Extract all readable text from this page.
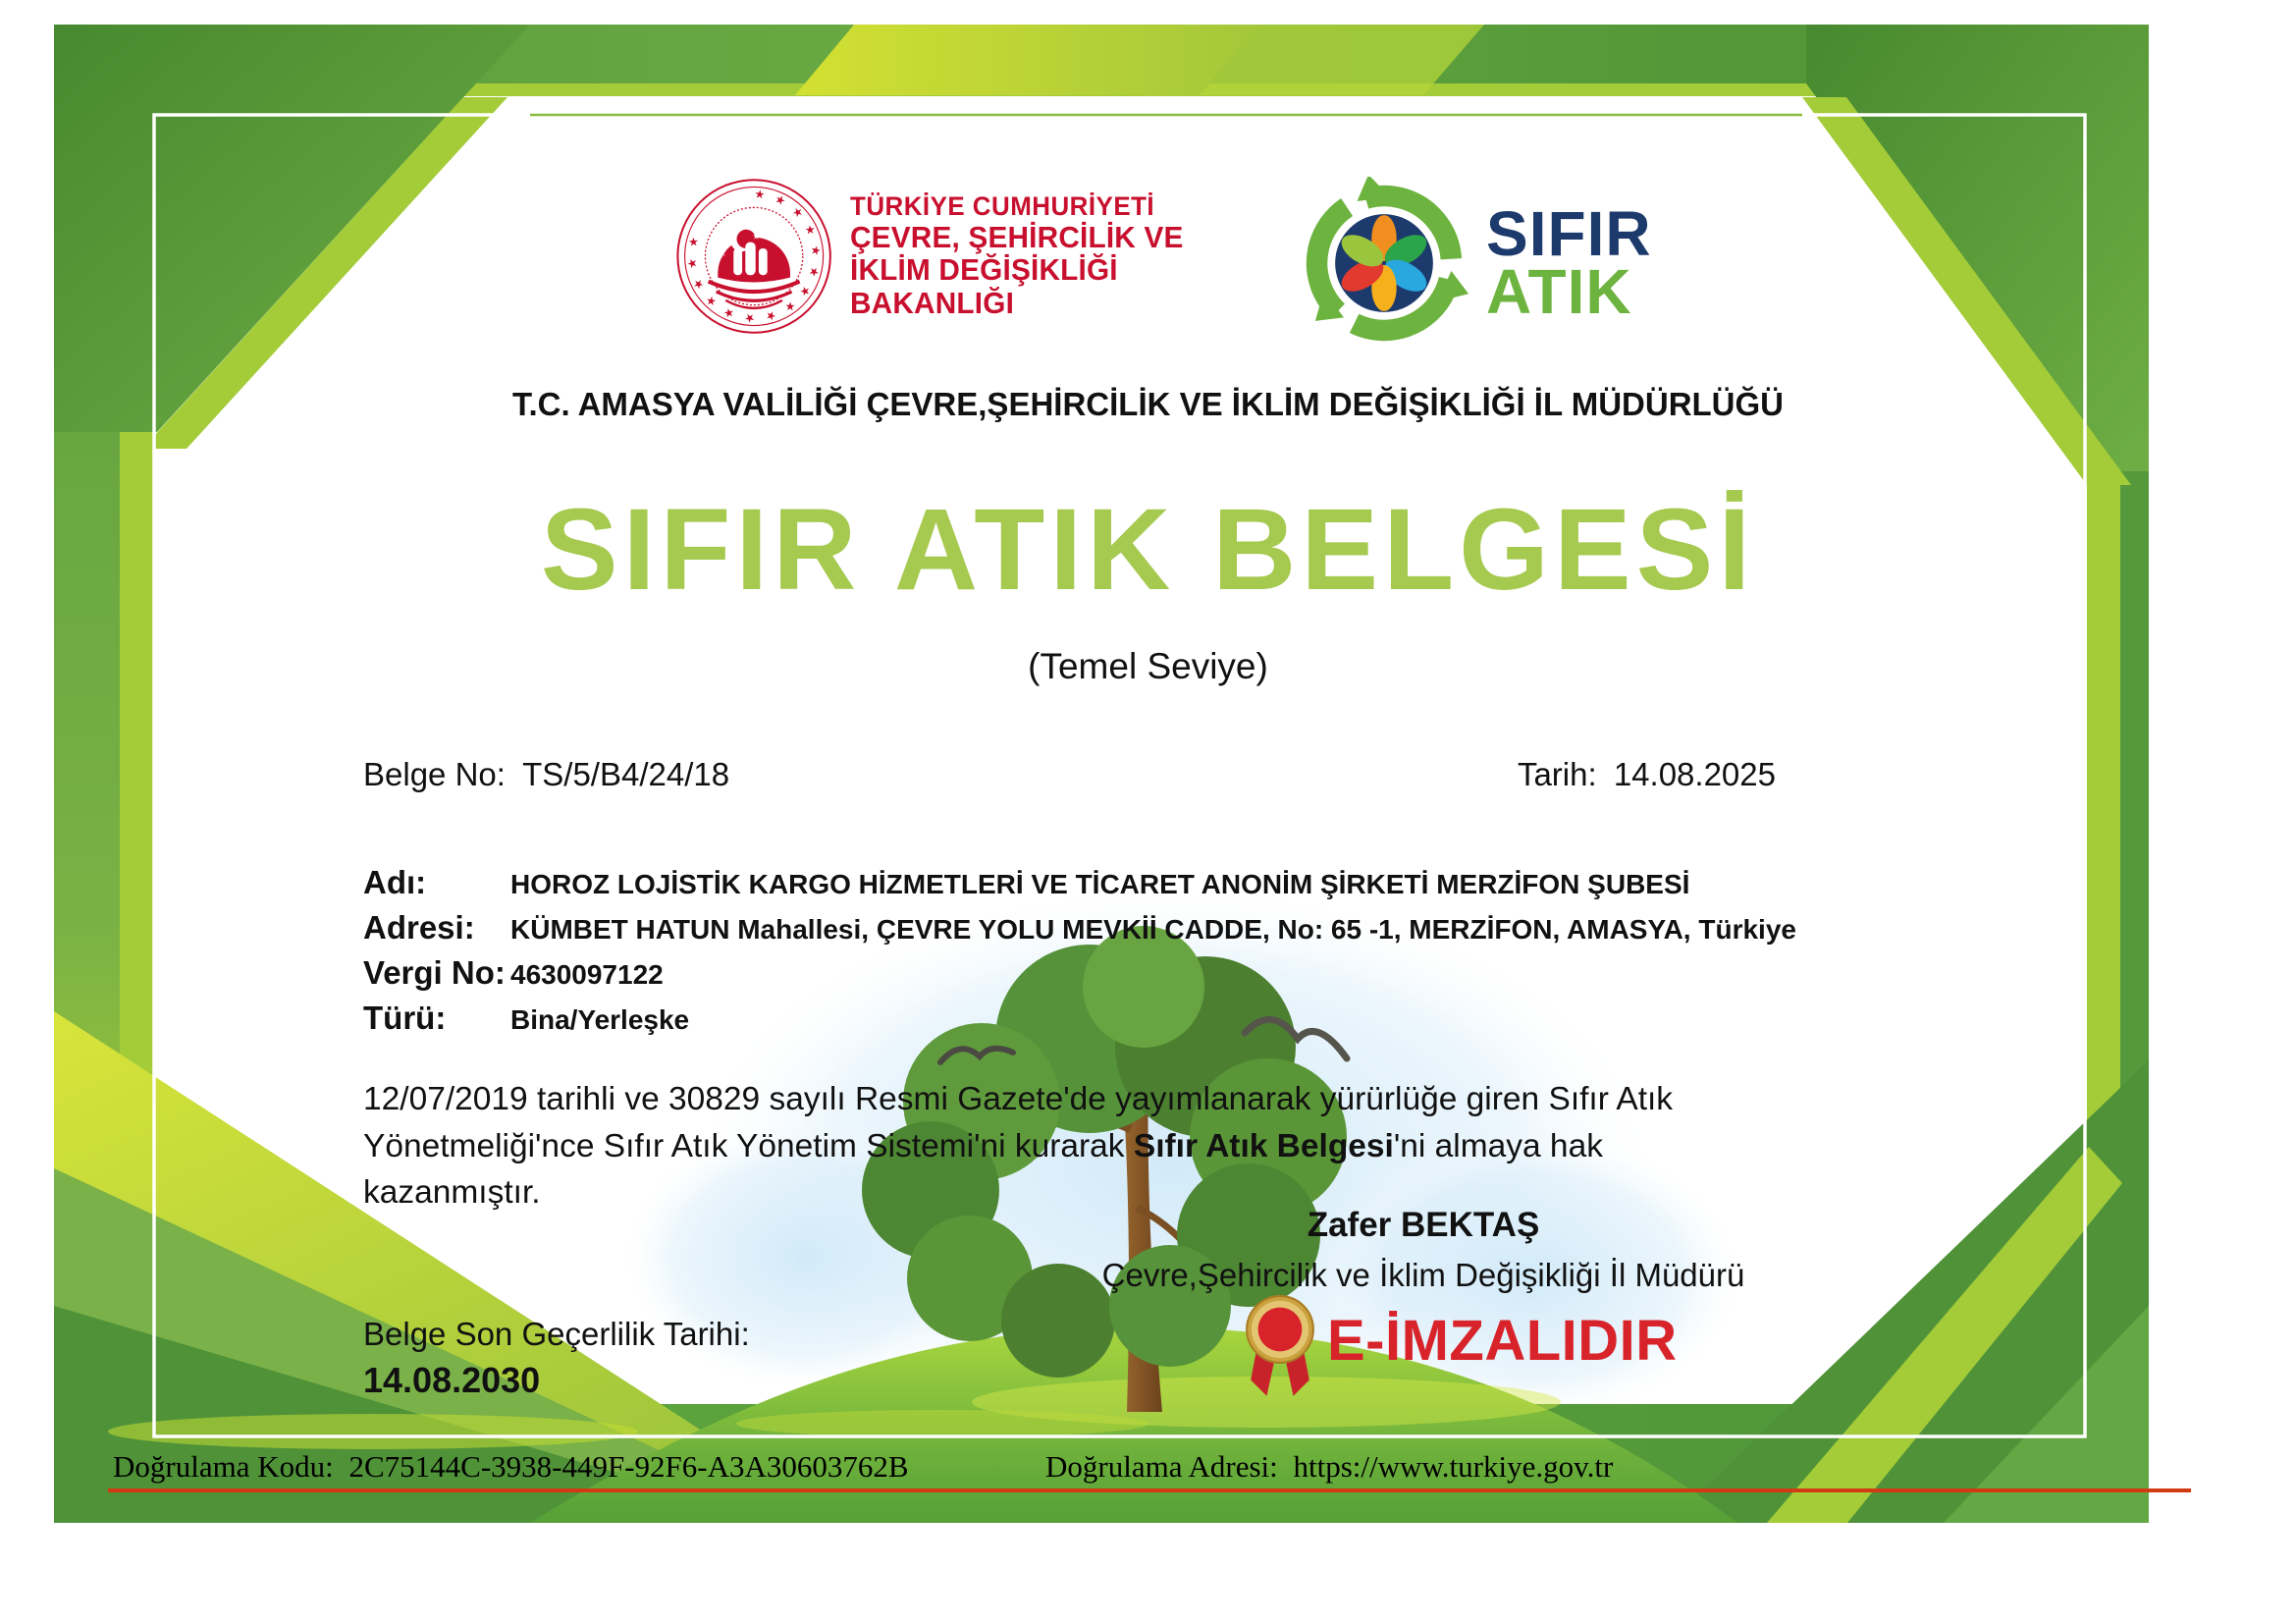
★ ★ ★ ★ ★ ★ ★ ★ ★ ★ ★ ★ ★ ★ ★	★
✶
TÜRKİYE CUMHURİYETİ
ÇEVRE, ŞEHİRCİLİK VE
İKLİM DEĞİŞİKLİĞİ BAKANLIĞI
SIFIR
ATIK
T.C. AMASYA VALİLİĞİ ÇEVRE,ŞEHİRCİLİK VE İKLİM DEĞİŞİKLİĞİ İL MÜDÜRLÜĞÜ
SIFIR ATIK BELGESİ
(Temel Seviye)
Belge No: TS/5/B4/24/18	Tarih: 14.08.2025
Adı:	HOROZ LOJİSTİK KARGO HİZMETLERİ VE TİCARET ANONİM ŞİRKETİ MERZİFON ŞUBESİ
Adresi: KÜMBET HATUN Mahallesi, ÇEVRE YOLU MEVKİİ CADDE, No: 65 -1, MERZİFON, AMASYA, Türkiye
Vergi No: 4630097122
Türü: Bina/Yerleşke
12/07/2019 tarihli ve 30829 sayılı Resmi Gazete'de yayımlanarak yürürlüğe giren Sıfır Atık Yönetmeliği'nce Sıfır Atık Yönetim Sistemi'ni kurarak Sıfır Atık Belgesi'ni almaya hak kazanmıştır.
Zafer BEKTAŞ
Çevre,Şehircilik ve İklim Değişikliği İl Müdürü
E-İMZALIDIR
Belge Son Geçerlilik Tarihi:
14.08.2030
Doğrulama Kodu: 2C75144C-3938-449F-92F6-A3A30603762B	Doğrulama Adresi: https://www.turkiye.gov.tr
